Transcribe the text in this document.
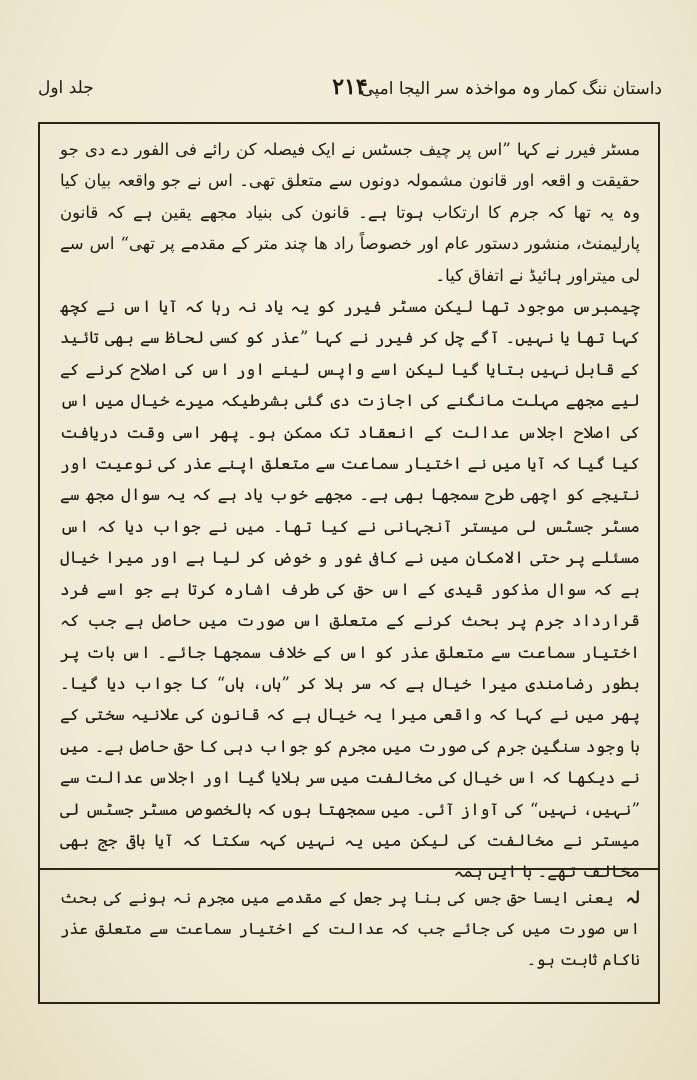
داستان ننگ کمار وہ مواخذہ سر الیجا امپی
۲۱۴
جلد اول

مسٹر فیرر نے کہا ”اس پر چیف جسٹس نے ایک فیصلہ کن رائے فی الفور دے دی جو حقیقت و اقعہ اور قانون مشمولہ دونوں سے متعلق تھی۔ اس نے جو واقعہ بیان کیا وہ یہ تھا کہ جرم کا ارتکاب ہوتا ہے۔ قانون کی بنیاد مجھے یقین ہے کہ قانون پارلیمنٹ، منشور دستور عام اور خصوصاً راد ھا چند متر کے مقدمے پر تھی“ اس سے لی میتراور ہائیڈ نے اتفاق کیا۔

چیمبرس موجود تھا لیکن مسٹر فیرر کو یہ یاد نہ رہا کہ آیا اس نے کچھ کہا تھا یا نہیں۔ آگے چل کر فیرر نے کہا ”عذر کو کسی لحاظ سے بھی تائید کے قابل نہیں بتایا گیا لیکن اسے واپس لینے اور اس کی اصلاح کرنے کے لیے مجھے مہلت مانگنے کی اجازت دی گئی بشرطیکہ میرے خیال میں اس کی اصلاح اجلاس عدالت کے انعقاد تک ممکن ہو۔ پھر اسی وقت دریافت کیا گیا کہ آیا میں نے اختیار سماعت سے متعلق اپنے عذر کی نوعیت اور نتیجے کو اچھی طرح سمجھا بھی ہے۔ مجھے خوب یاد ہے کہ یہ سوال مجھ سے مسٹر جسٹس لی میستر آنجہانی نے کیا تھا۔ میں نے جواب دیا کہ اس مسئلے پر حتی الامکان میں نے کافی غور و خوض کر لیا ہے اور میرا خیال ہے کہ سوال مذکور قیدی کے اس حق کی طرف اشارہ کرتا ہے جو اسے فرد قرارداد جرم پر بحث کرنے کے متعلق اس صورت میں حاصل ہے جب کہ اختیار سماعت سے متعلق عذر کو اس کے خلاف سمجھا جائے۔ اس بات پر بطور رضامندی میرا خیال ہے کہ سر ہلا کر ”ہاں، ہاں“ کا جواب دیا گیا۔ پھر میں نے کہا کہ واقعی میرا یہ خیال ہے کہ قانون کی علانیہ سختی کے با وجود سنگین جرم کی صورت میں مجرم کو جواب دہی کا حق حاصل ہے۔ میں نے دیکھا کہ اس خیال کی مخالفت میں سر ہلایا گیا اور اجلاس عدالت سے ”نہیں، نہیں“ کی آواز آئی۔ میں سمجھتا ہوں کہ بالخصوص مسٹر جسٹس لی میستر نے مخالفت کی لیکن میں یہ نہیں کہہ سکتا کہ آیا باقی جج بھی مخالف تھے۔ با ایں ہمہ

لہ یعنی ایسا حق جس کی بنا پر جعل کے مقدمے میں مجرم نہ ہونے کی بحث اس صورت میں کی جائے جب کہ عدالت کے اختیار سماعت سے متعلق عذر ناکام ثابت ہو۔
